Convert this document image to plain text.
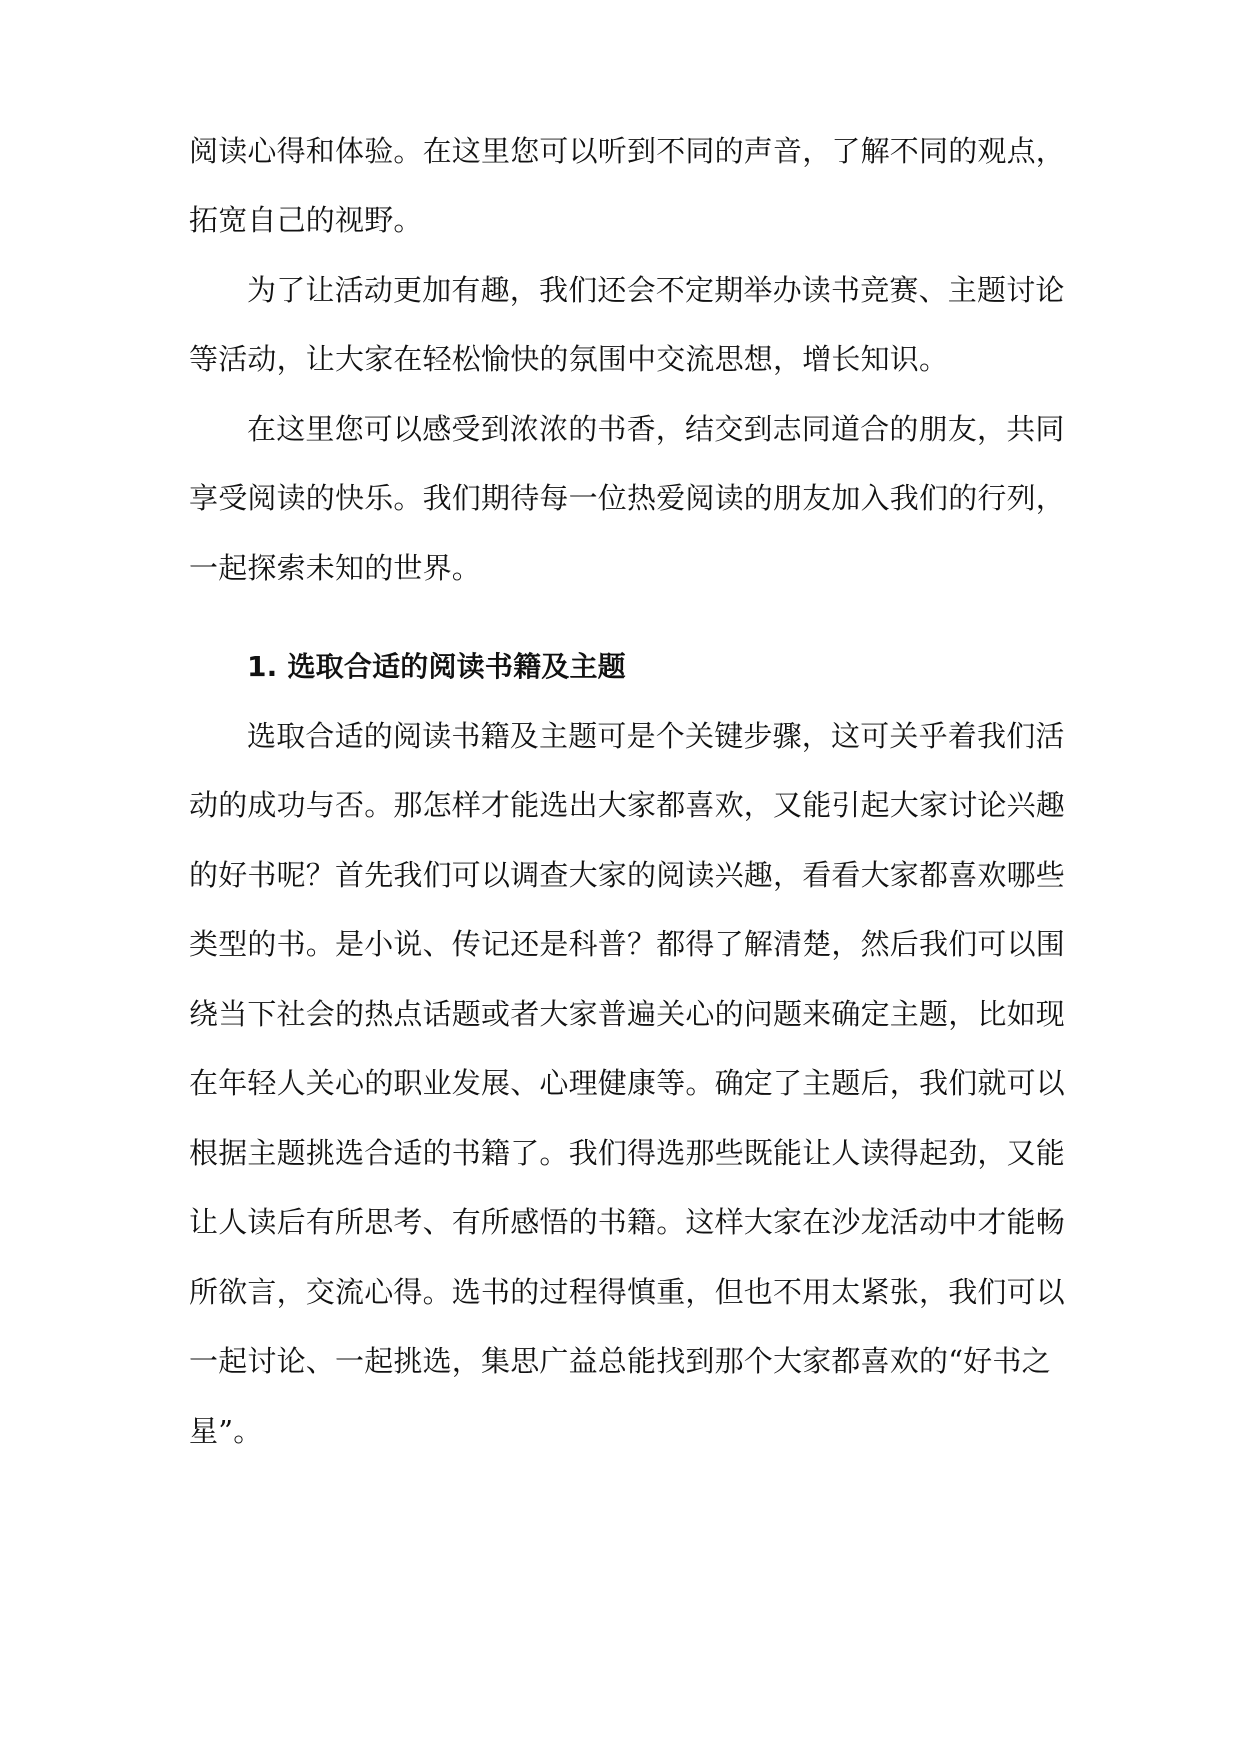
阅读心得和体验。在这里您可以听到不同的声音，了解不同的观点，
拓宽自己的视野。
为了让活动更加有趣，我们还会不定期举办读书竞赛、主题讨论
等活动，让大家在轻松愉快的氛围中交流思想，增长知识。
在这里您可以感受到浓浓的书香，结交到志同道合的朋友，共同
享受阅读的快乐。我们期待每一位热爱阅读的朋友加入我们的行列，
一起探索未知的世界。
1. 选取合适的阅读书籍及主题
选取合适的阅读书籍及主题可是个关键步骤，这可关乎着我们活
动的成功与否。那怎样才能选出大家都喜欢，又能引起大家讨论兴趣
的好书呢？首先我们可以调查大家的阅读兴趣，看看大家都喜欢哪些
类型的书。是小说、传记还是科普？都得了解清楚，然后我们可以围
绕当下社会的热点话题或者大家普遍关心的问题来确定主题，比如现
在年轻人关心的职业发展、心理健康等。确定了主题后，我们就可以
根据主题挑选合适的书籍了。我们得选那些既能让人读得起劲，又能
让人读后有所思考、有所感悟的书籍。这样大家在沙龙活动中才能畅
所欲言，交流心得。选书的过程得慎重，但也不用太紧张，我们可以
一起讨论、一起挑选，集思广益总能找到那个大家都喜欢的“好书之
星”。
